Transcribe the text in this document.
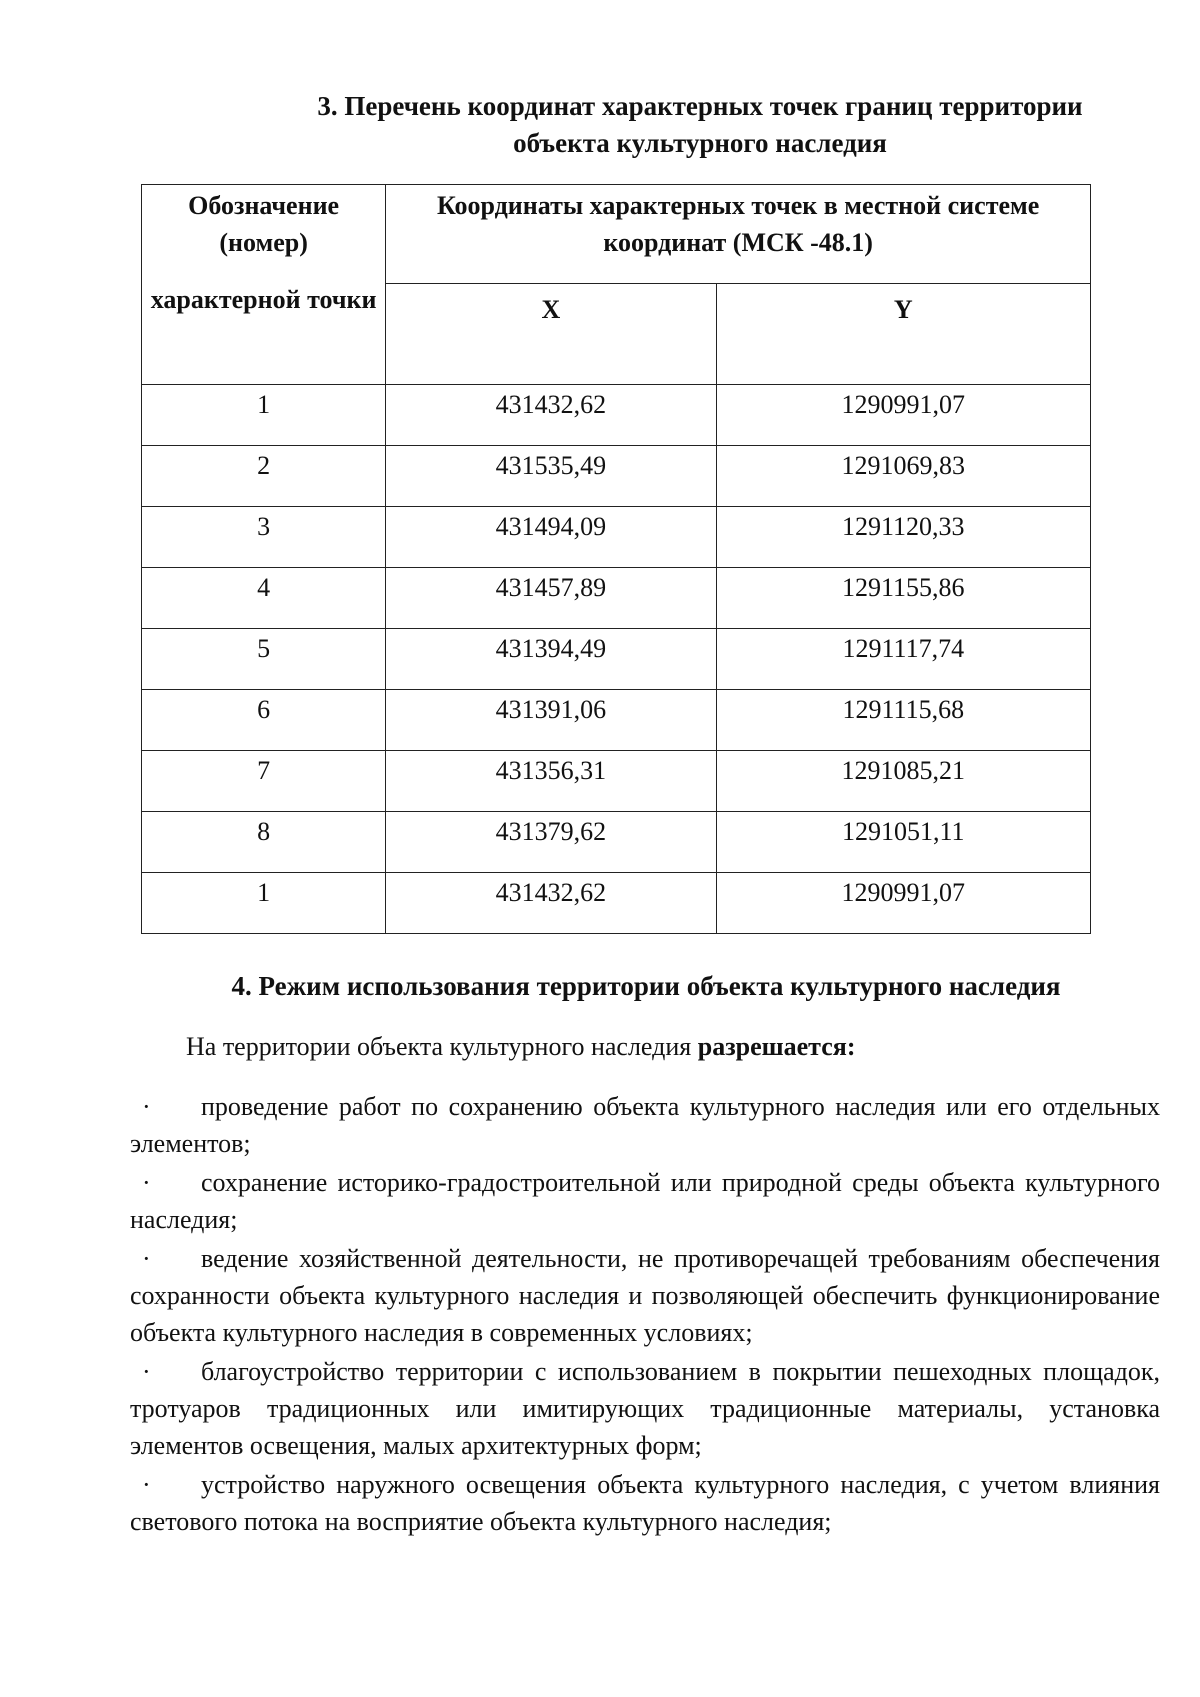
3. Перечень координат характерных точек границ территории объекта культурного наследия
Обозначение (номер)
характерной точки	Координаты характерных точек в местной системе координат (МСК -48.1)	
	X	Y
1	431432,62	1290991,07
2	431535,49	1291069,83
3	431494,09	1291120,33
4	431457,89	1291155,86
5	431394,49	1291117,74
6	431391,06	1291115,68
7	431356,31	1291085,21
8	431379,62	1291051,11
1	431432,62	1290991,07
4. Режим использования территории объекта культурного наследия
На территории объекта культурного наследия разрешается:
·	проведение работ по сохранению объекта культурного наследия или его отдельных элементов;

·	сохранение историко-градостроительной или природной среды объекта культурного наследия;

·	ведение хозяйственной деятельности, не противоречащей требованиям обеспечения сохранности объекта культурного наследия и позволяющей обеспечить функционирование объекта культурного наследия в современных условиях;

·	благоустройство территории с использованием в покрытии пешеходных площадок, тротуаров традиционных или имитирующих традиционные материалы, установка элементов освещения, малых архитектурных форм;

·	устройство наружного освещения объекта культурного наследия, с учетом влияния светового потока на восприятие объекта культурного наследия;
